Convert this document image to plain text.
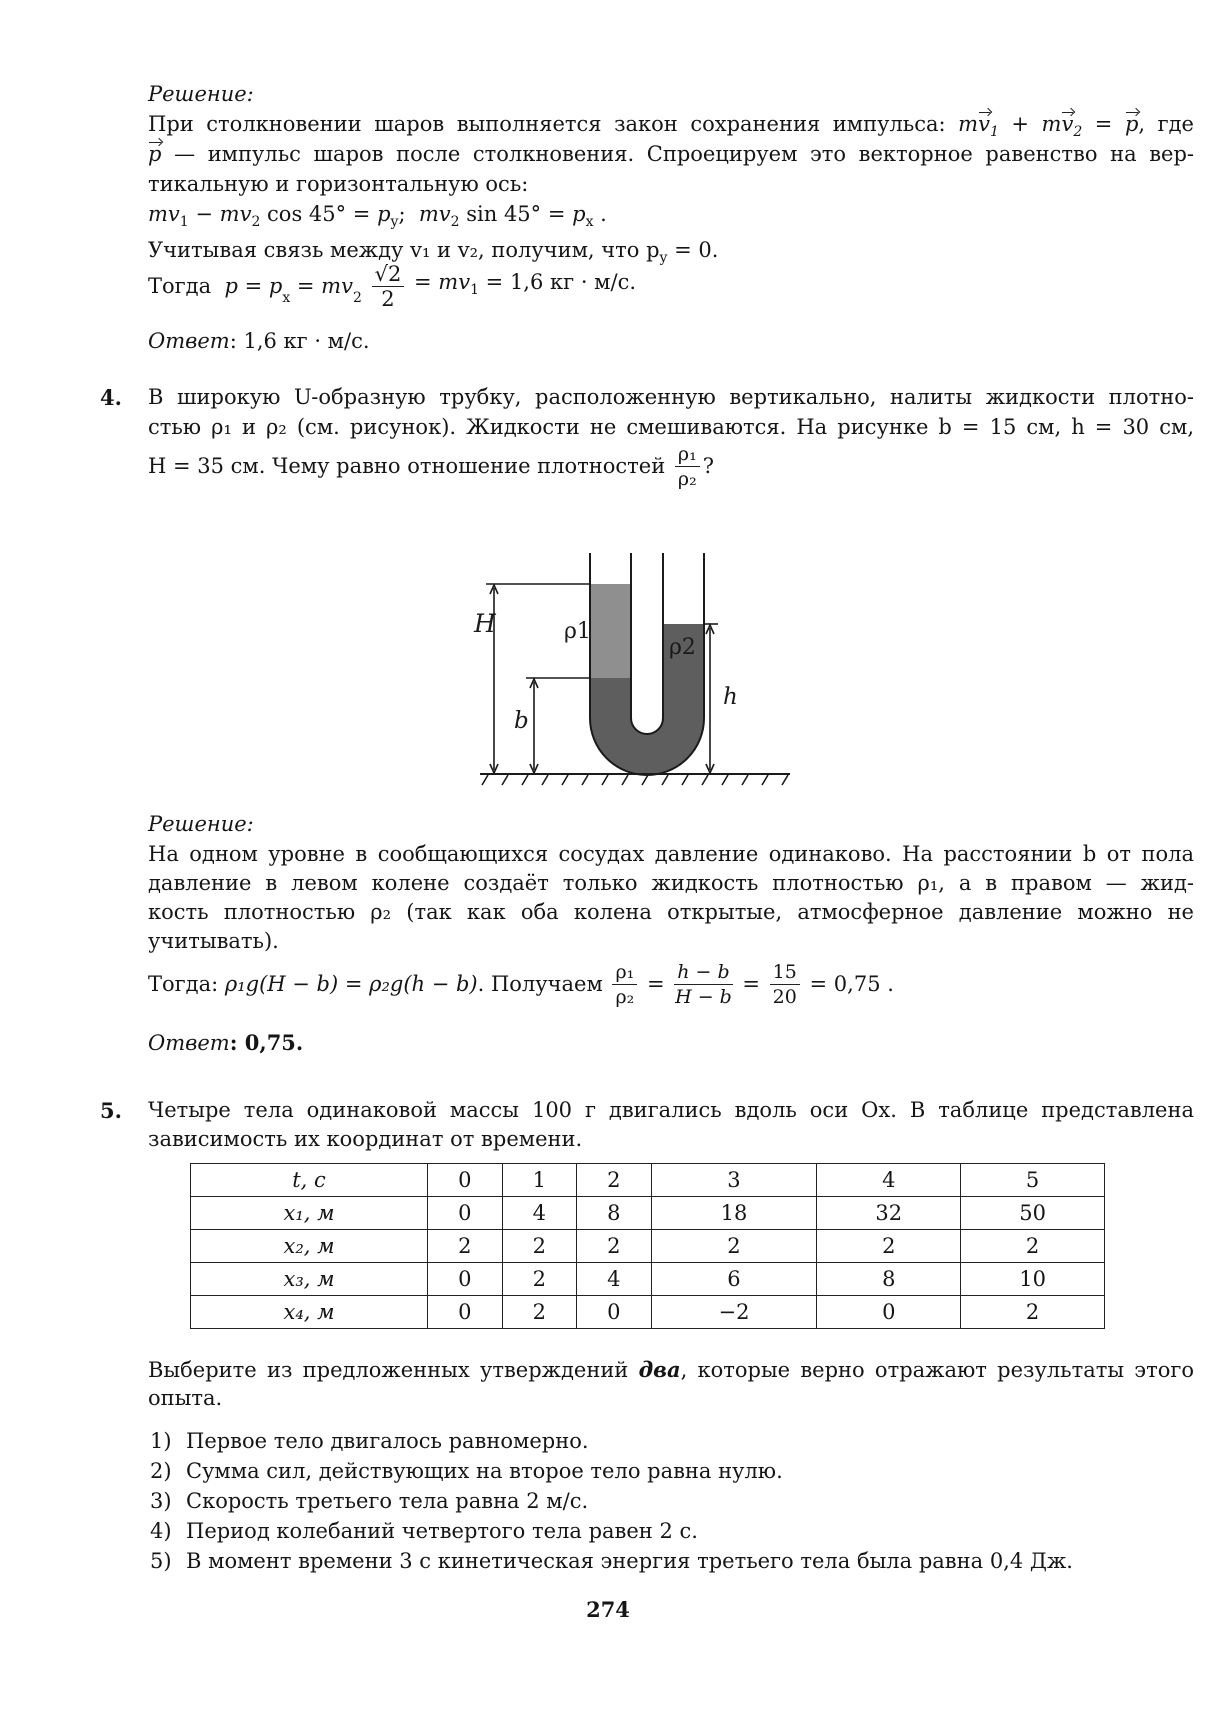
Решение:
При столкновении шаров выполняется закон сохранения импульса: $mv_1 + mv_2 = p$, где
p — импульс шаров после столкновения. Спроецируем это векторное равенство на вер-
тикальную и горизонтальную ось:
$mv_1 - mv_2$ $\cos 45^\circ = p_y$; $mv_2$ $\sin 45^\circ = p_x$ .
Учитывая связь между v₁ и v₂, получим, что $p_y = 0$.
Тогда  $p = p_x = mv_2 \frac{√2}{2} = mv_1 = 1,6$ кг · м/с.
Ответ: 1,6 кг · м/с.
4. В широкую U-образную трубку, расположенную вертикально, налиты жидкости плотно-
стью ρ₁ и ρ₂ (см. рисунок). Жидкости не смешиваются. На рисунке b = 15 см, h = 30 см,
H = 35 см. Чему равно отношение плотностей $\frac{\text{ρ₁}}{\text{ρ₂}}$ ?
H
b
h
ρ1
ρ2
Решение:
На одном уровне в сообщающихся сосудах давление одинаково. На расстоянии b от пола
давление в левом колене создаёт только жидкость плотностью ρ₁, а в правом — жид-
кость плотностью ρ₂ (так как оба колена открытые, атмосферное давление можно не
учитывать).
Тогда: ρ₁g(H − b) = ρ₂g(h − b). Получаем $\frac{\text{ρ₁}}{\text{ρ₂}} = \frac{h - b}{H - b} = \frac{15}{20} = 0,75$ .
Ответ: 0,75.
5. Четыре тела одинаковой массы 100 г двигались вдоль оси Ox. В таблице представлена
зависимость их координат от времени.
t, с	0	1	2	3	4	5
x₁, м	0	4	8	18	32	50
x₂, м	2	2	2	2	2	2
x₃, м	0	2	4	6	8	10
x₄, м	0	2	0	−2	0	2
Выберите из предложенных утверждений два, которые верно отражают результаты этого
опыта.
1) Первое тело двигалось равномерно.
2) Сумма сил, действующих на второе тело равна нулю.
3) Скорость третьего тела равна 2 м/с.
4) Период колебаний четвертого тела равен 2 с.
5) В момент времени 3 с кинетическая энергия третьего тела была равна 0,4 Дж.
274
